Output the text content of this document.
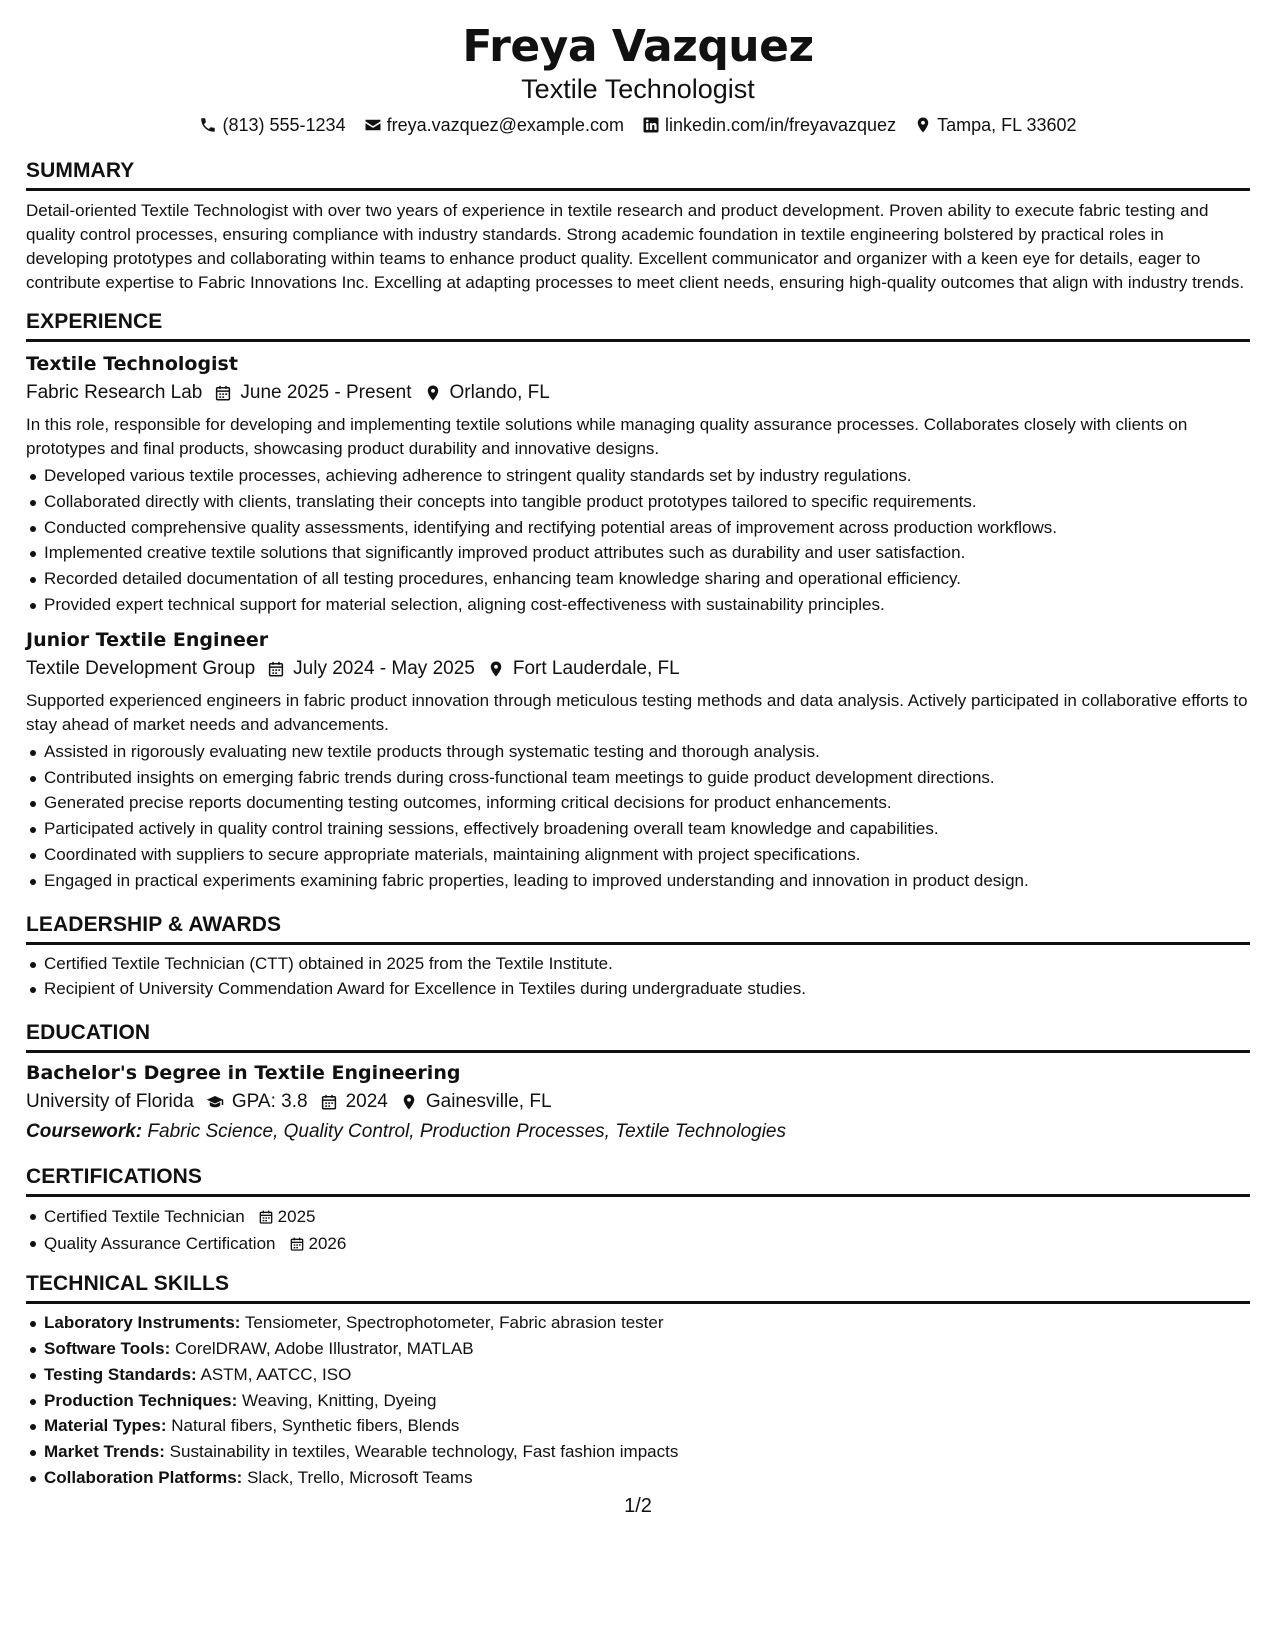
Freya Vazquez
Textile Technologist
(813) 555-1234 freya.vazquez@example.com linkedin.com/in/freyavazquez Tampa, FL 33602
SUMMARY

Detail-oriented Textile Technologist with over two years of experience in textile research and product development. Proven ability to execute fabric testing and quality control processes, ensuring compliance with industry standards. Strong academic foundation in textile engineering bolstered by practical roles in developing prototypes and collaborating within teams to enhance product quality. Excellent communicator and organizer with a keen eye for details, eager to contribute expertise to Fabric Innovations Inc. Excelling at adapting processes to meet client needs, ensuring high-quality outcomes that align with industry trends.

EXPERIENCE
Textile Technologist
Fabric Research Lab June 2025 - Present Orlando, FL

In this role, responsible for developing and implementing textile solutions while managing quality assurance processes. Collaborates closely with clients on prototypes and final products, showcasing product durability and innovative designs.

Developed various textile processes, achieving adherence to stringent quality standards set by industry regulations.
Collaborated directly with clients, translating their concepts into tangible product prototypes tailored to specific requirements.
Conducted comprehensive quality assessments, identifying and rectifying potential areas of improvement across production workflows.
Implemented creative textile solutions that significantly improved product attributes such as durability and user satisfaction.
Recorded detailed documentation of all testing procedures, enhancing team knowledge sharing and operational efficiency.
Provided expert technical support for material selection, aligning cost-effectiveness with sustainability principles.
Junior Textile Engineer
Textile Development Group July 2024 - May 2025 Fort Lauderdale, FL

Supported experienced engineers in fabric product innovation through meticulous testing methods and data analysis. Actively participated in collaborative efforts to stay ahead of market needs and advancements.

Assisted in rigorously evaluating new textile products through systematic testing and thorough analysis.
Contributed insights on emerging fabric trends during cross-functional team meetings to guide product development directions.
Generated precise reports documenting testing outcomes, informing critical decisions for product enhancements.
Participated actively in quality control training sessions, effectively broadening overall team knowledge and capabilities.
Coordinated with suppliers to secure appropriate materials, maintaining alignment with project specifications.
Engaged in practical experiments examining fabric properties, leading to improved understanding and innovation in product design.
LEADERSHIP & AWARDS
Certified Textile Technician (CTT) obtained in 2025 from the Textile Institute.
Recipient of University Commendation Award for Excellence in Textiles during undergraduate studies.
EDUCATION
Bachelor's Degree in Textile Engineering
University of Florida GPA: 3.8 2024 Gainesville, FL
Coursework: Fabric Science, Quality Control, Production Processes, Textile Technologies
CERTIFICATIONS
Certified Textile Technician 2025
Quality Assurance Certification 2026
TECHNICAL SKILLS
Laboratory Instruments: Tensiometer, Spectrophotometer, Fabric abrasion tester
Software Tools: CorelDRAW, Adobe Illustrator, MATLAB
Testing Standards: ASTM, AATCC, ISO
Production Techniques: Weaving, Knitting, Dyeing
Material Types: Natural fibers, Synthetic fibers, Blends
Market Trends: Sustainability in textiles, Wearable technology, Fast fashion impacts
Collaboration Platforms: Slack, Trello, Microsoft Teams
1/2
